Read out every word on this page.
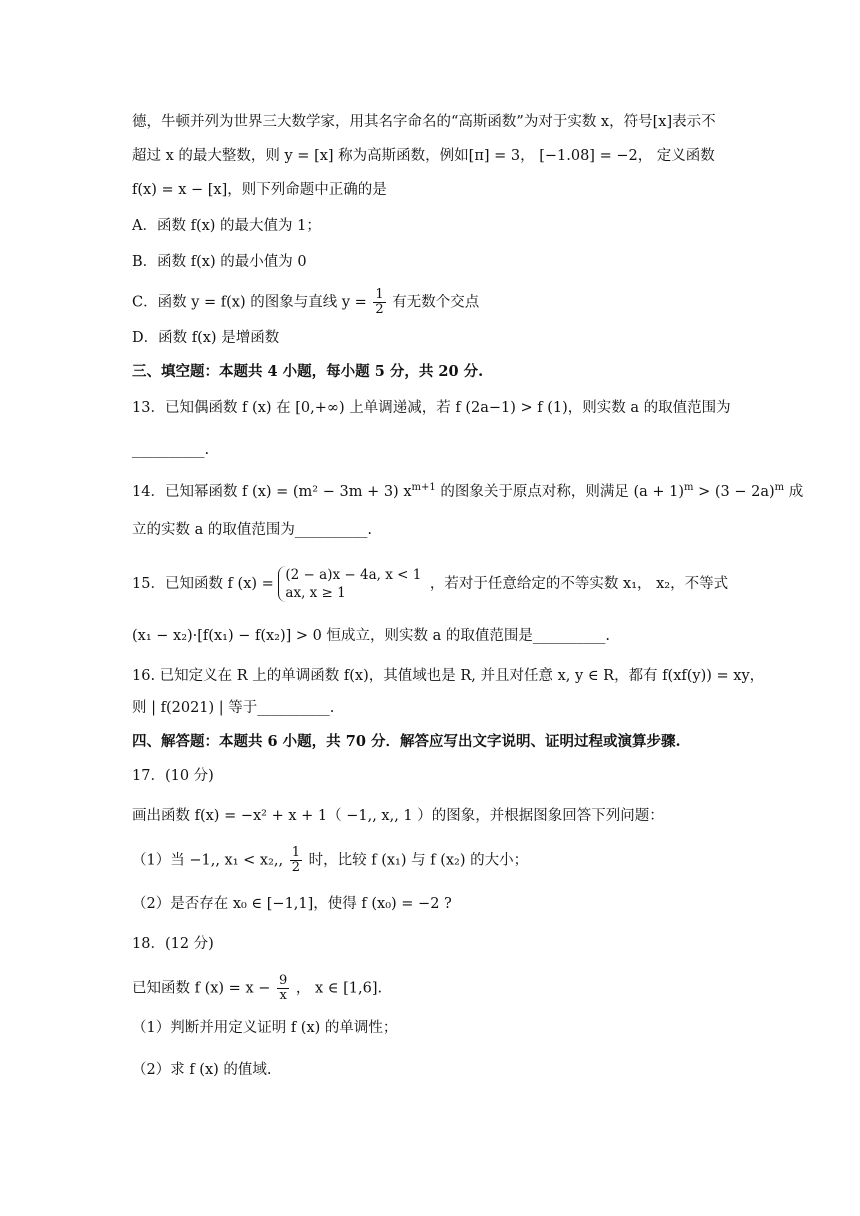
德，牛顿并列为世界三大数学家，用其名字命名的“高斯函数”为对于实数 x，符号[x]表示不
超过 x 的最大整数，则 y = [x] 称为高斯函数，例如[π] = 3， [−1.08] = −2， 定义函数
f(x) = x − [x]，则下列命题中正确的是
A．函数 f(x) 的最大值为 1；
B．函数 f(x) 的最小值为 0
C．函数 y = f(x) 的图象与直线 $y = \frac{1}{2}$ 有无数个交点
D．函数 f(x) 是增函数
三、填空题：本题共 4 小题，每小题 5 分，共 20 分.
13．已知偶函数 f (x) 在 [0,+∞) 上单调递减，若 f (2a−1) > f (1)，则实数 a 的取值范围为
__________.
14．已知幂函数 f (x) = (m² − 3m + 3) $x^{m+1}$ 的图象关于原点对称，则满足 $(a + 1)^m > (3 - 2a)^m$ 成
立的实数 a 的取值范围为__________.
15．已知函数 f (x) =
(2 − a)x − 4a, x < 1
ax, x ≥ 1
，若对于任意给定的不等实数 x₁， x₂，不等式
(x₁ − x₂)·[f(x₁) − f(x₂)] > 0 恒成立，则实数 a 的取值范围是__________.
16. 已知定义在 R 上的单调函数 f(x)，其值域也是 R, 并且对任意 x, y ∈ R，都有 f(xf(y)) = xy，
则 | f(2021) | 等于__________.
四、解答题：本题共 6 小题，共 70 分．解答应写出文字说明、证明过程或演算步骤.
17．(10 分)
画出函数 f(x) = −x² + x + 1（ −1,, x,, 1 ）的图象，并根据图象回答下列问题：
（1）当 −1,, x₁ < x₂,, $\frac{1}{2}$ 时，比较 f (x₁) 与 f (x₂) 的大小；
（2）是否存在 x₀ ∈ [−1,1]，使得 f (x₀) = −2 ?
18．(12 分)
已知函数 f $(x) = x - \frac{9}{x}$ ， x ∈ [1,6].
（1）判断并用定义证明 f (x) 的单调性；
（2）求 f (x) 的值域.
